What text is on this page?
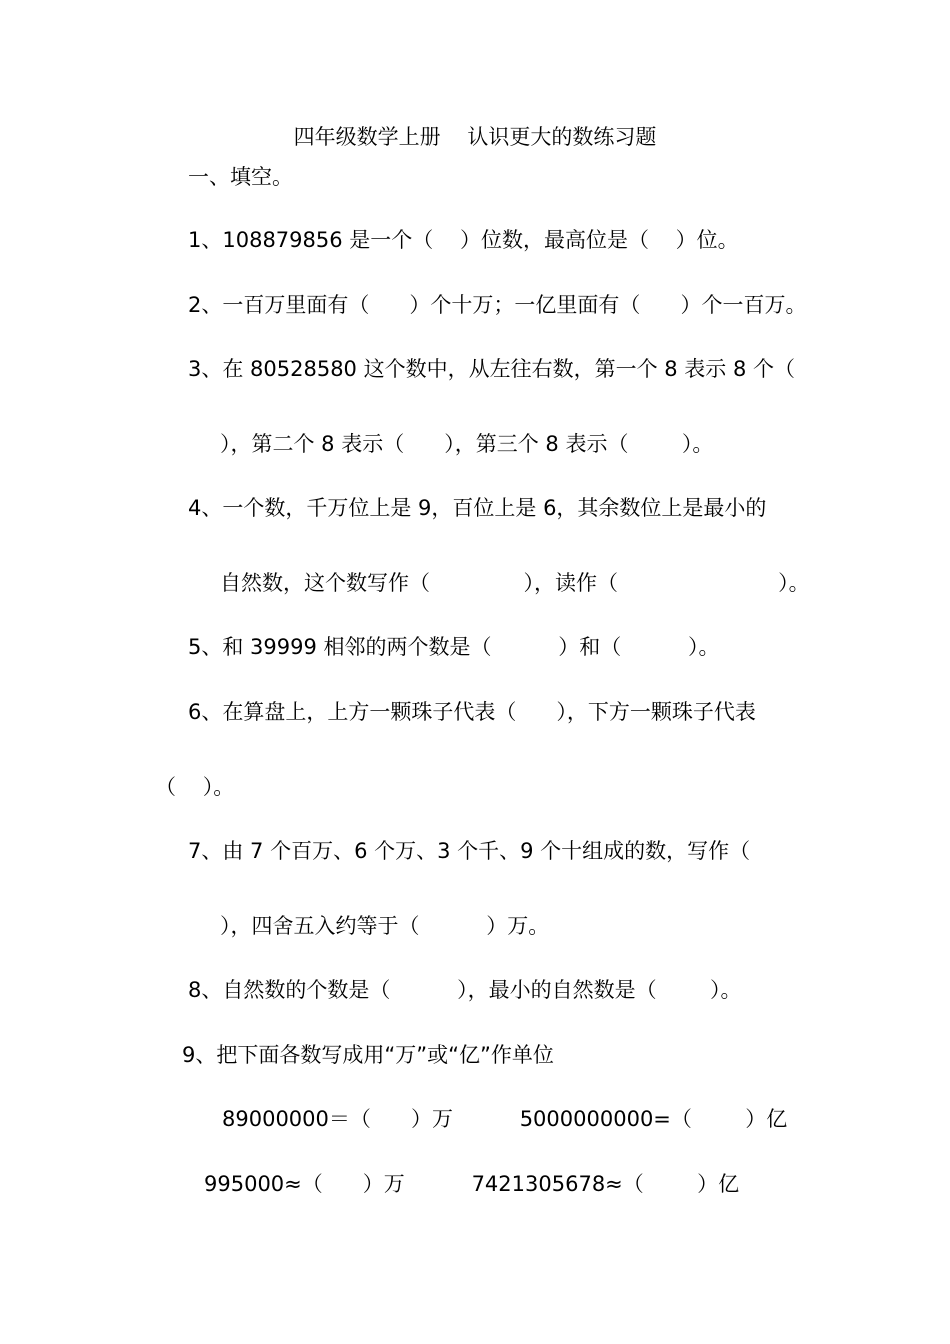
四年级数学上册    认识更大的数练习题

一、填空。

1、108879856 是一个（    ）位数，最高位是（    ）位。

2、一百万里面有（      ）个十万；一亿里面有（      ）个一百万。

3、在 80528580 这个数中，从左往右数，第一个 8 表示 8 个（

），第二个 8 表示（      ），第三个 8 表示（        ）。

4、一个数，千万位上是 9，百位上是 6，其余数位上是最小的

自然数，这个数写作（              ），读作（                        ）。

5、和 39999 相邻的两个数是（          ）和（          ）。

6、在算盘上，上方一颗珠子代表（      ），下方一颗珠子代表

（    ）。

7、由 7 个百万、6 个万、3 个千、9 个十组成的数，写作（

），四舍五入约等于（          ）万。

8、自然数的个数是（          ），最小的自然数是（        ）。

9、把下面各数写成用“万”或“亿”作单位

89000000＝（      ）万          5000000000=（        ）亿

995000≈（      ）万          7421305678≈（        ）亿
